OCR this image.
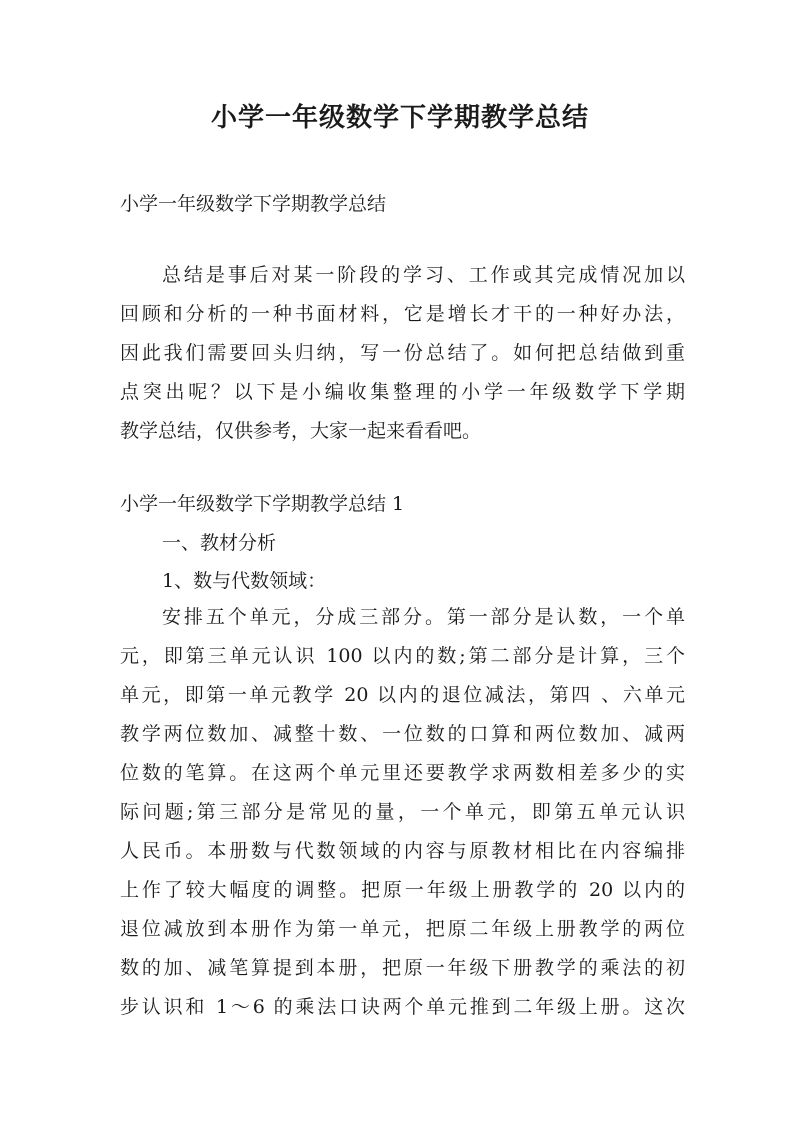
小学一年级数学下学期教学总结

小学一年级数学下学期教学总结

总结是事后对某一阶段的学习、工作或其完成情况加以

回顾和分析的一种书面材料，它是增长才干的一种好办法，

因此我们需要回头归纳，写一份总结了。如何把总结做到重

点突出呢？以下是小编收集整理的小学一年级数学下学期

教学总结，仅供参考，大家一起来看看吧。

小学一年级数学下学期教学总结 1

一、教材分析

1、数与代数领域：

安排五个单元，分成三部分。第一部分是认数，一个单

元，即第三单元认识 100 以内的数;第二部分是计算，三个

单元，即第一单元教学 20 以内的退位减法，第四 、六单元

教学两位数加、减整十数、一位数的口算和两位数加、减两

位数的笔算。在这两个单元里还要教学求两数相差多少的实

际问题;第三部分是常见的量，一个单元，即第五单元认识

人民币。本册数与代数领域的内容与原教材相比在内容编排

上作了较大幅度的调整。把原一年级上册教学的 20 以内的

退位减放到本册作为第一单元，把原二年级上册教学的两位

数的加、减笔算提到本册，把原一年级下册教学的乘法的初

步认识和 1～6 的乘法口诀两个单元推到二年级上册。这次
